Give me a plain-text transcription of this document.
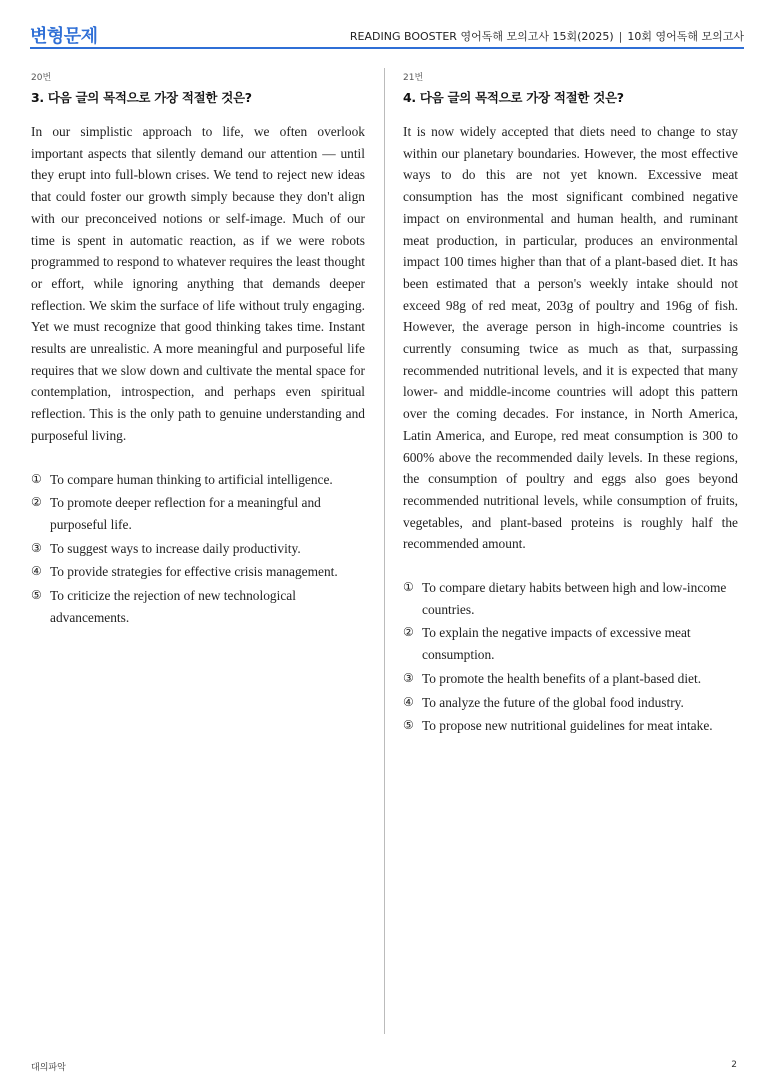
변형문제	READING BOOSTER 영어독해 모의고사 15회(2025) | 10회 영어독해 모의고사
20번
3. 다음 글의 목적으로 가장 적절한 것은?

In our simplistic approach to life, we often overlook important aspects that silently demand our attention — until they erupt into full-blown crises. We tend to reject new ideas that could foster our growth simply because they don't align with our preconceived notions or self-image. Much of our time is spent in automatic reaction, as if we were robots programmed to respond to whatever requires the least thought or effort, while ignoring anything that demands deeper reflection. We skim the surface of life without truly engaging. Yet we must recognize that good thinking takes time. Instant results are unrealistic. A more meaningful and purposeful life requires that we slow down and cultivate the mental space for contemplation, introspection, and perhaps even spiritual reflection. This is the only path to genuine understanding and purposeful living.

① To compare human thinking to artificial intelligence.
② To promote deeper reflection for a meaningful and purposeful life.
③ To suggest ways to increase daily productivity.
④ To provide strategies for effective crisis management.
⑤ To criticize the rejection of new technological advancements.
21번
4. 다음 글의 목적으로 가장 적절한 것은?

It is now widely accepted that diets need to change to stay within our planetary boundaries. However, the most effective ways to do this are not yet known. Excessive meat consumption has the most significant combined negative impact on environmental and human health, and ruminant meat production, in particular, produces an environmental impact 100 times higher than that of a plant-based diet. It has been estimated that a person's weekly intake should not exceed 98g of red meat, 203g of poultry and 196g of fish. However, the average person in high-income countries is currently consuming twice as much as that, surpassing recommended nutritional levels, and it is expected that many lower- and middle-income countries will adopt this pattern over the coming decades. For instance, in North America, Latin America, and Europe, red meat consumption is 300 to 600% above the recommended daily levels. In these regions, the consumption of poultry and eggs also goes beyond recommended nutritional levels, while consumption of fruits, vegetables, and plant-based proteins is roughly half the recommended amount.

① To compare dietary habits between high and low-income countries.
② To explain the negative impacts of excessive meat consumption.
③ To promote the health benefits of a plant-based diet.
④ To analyze the future of the global food industry.
⑤ To propose new nutritional guidelines for meat intake.
대의파악	2
